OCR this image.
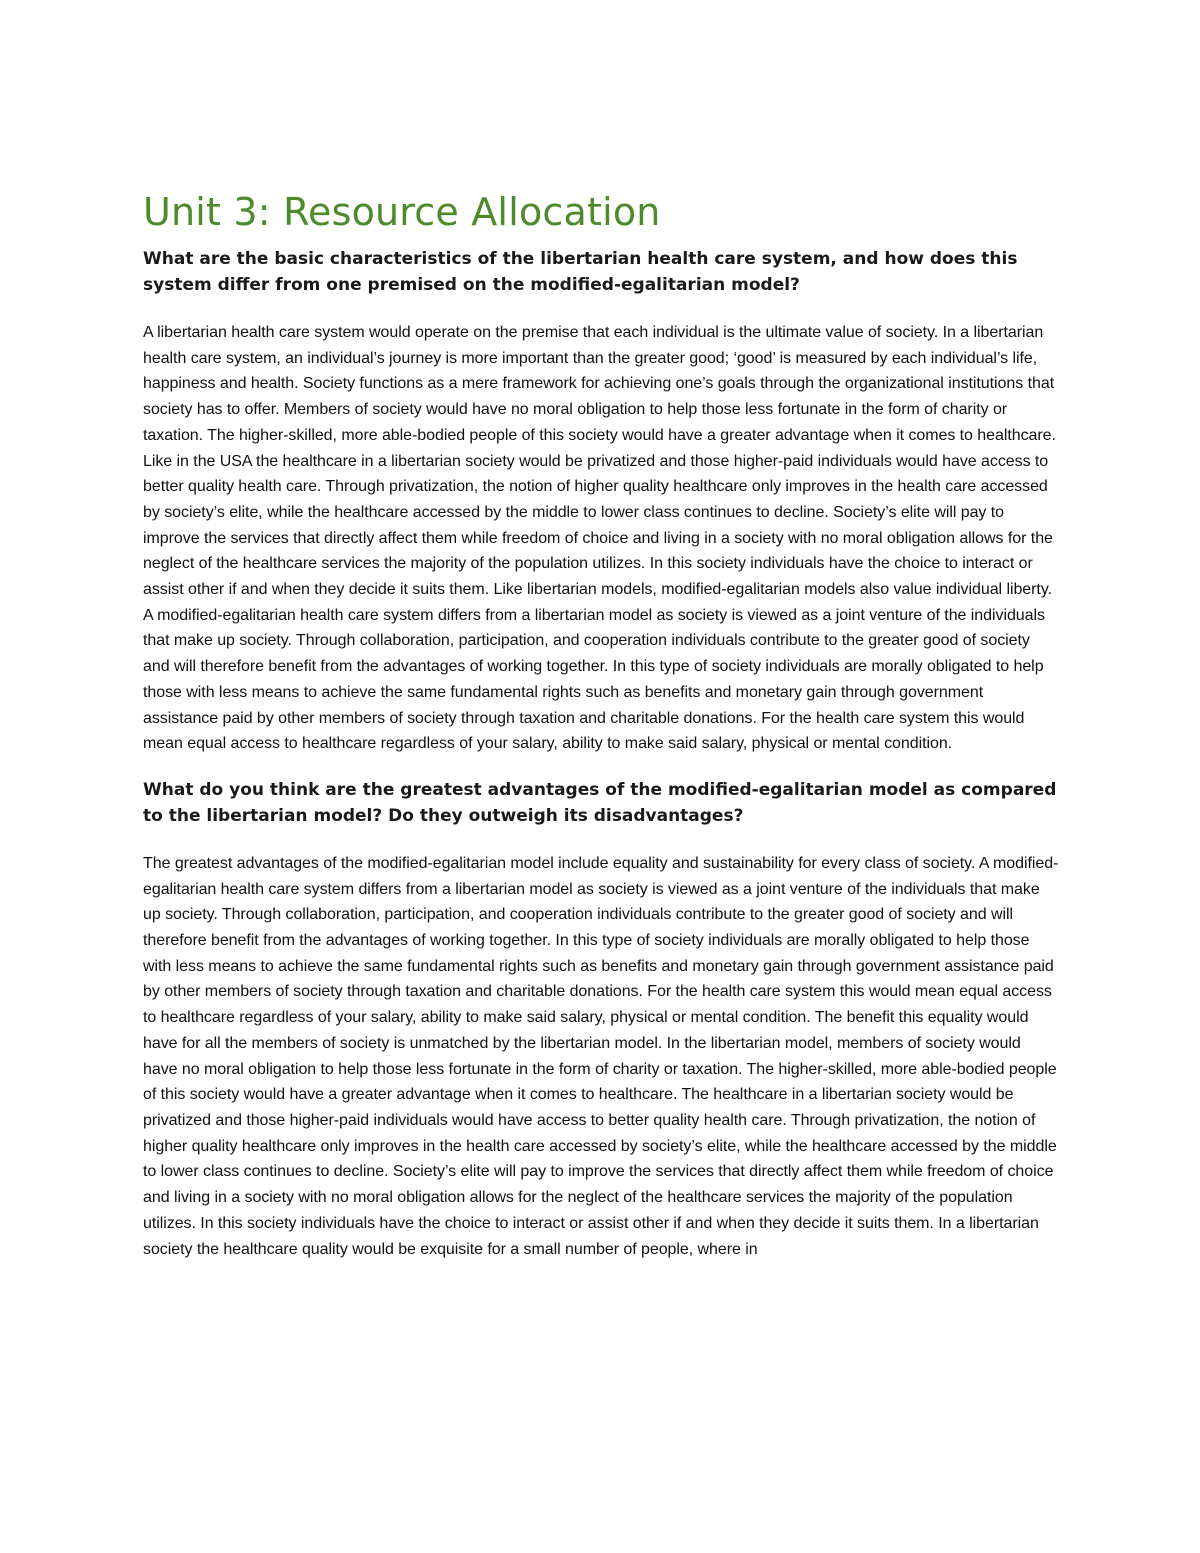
Unit 3: Resource Allocation

What are the basic characteristics of the libertarian health care system, and how does this system differ from one premised on the modified-egalitarian model?

A libertarian health care system would operate on the premise that each individual is the ultimate value of society. In a libertarian health care system, an individual’s journey is more important than the greater good; ‘good’ is measured by each individual’s life, happiness and health. Society functions as a mere framework for achieving one’s goals through the organizational institutions that society has to offer. Members of society would have no moral obligation to help those less fortunate in the form of charity or taxation. The higher-skilled, more able-bodied people of this society would have a greater advantage when it comes to healthcare. Like in the USA the healthcare in a libertarian society would be privatized and those higher-paid individuals would have access to better quality health care. Through privatization, the notion of higher quality healthcare only improves in the health care accessed by society’s elite, while the healthcare accessed by the middle to lower class continues to decline. Society’s elite will pay to improve the services that directly affect them while freedom of choice and living in a society with no moral obligation allows for the neglect of the healthcare services the majority of the population utilizes. In this society individuals have the choice to interact or assist other if and when they decide it suits them. Like libertarian models, modified-egalitarian models also value individual liberty. A modified-egalitarian health care system differs from a libertarian model as society is viewed as a joint venture of the individuals that make up society. Through collaboration, participation, and cooperation individuals contribute to the greater good of society and will therefore benefit from the advantages of working together. In this type of society individuals are morally obligated to help those with less means to achieve the same fundamental rights such as benefits and monetary gain through government assistance paid by other members of society through taxation and charitable donations. For the health care system this would mean equal access to healthcare regardless of your salary, ability to make said salary, physical or mental condition.

What do you think are the greatest advantages of the modified-egalitarian model as compared to the libertarian model? Do they outweigh its disadvantages?

The greatest advantages of the modified-egalitarian model include equality and sustainability for every class of society. A modified-egalitarian health care system differs from a libertarian model as society is viewed as a joint venture of the individuals that make up society. Through collaboration, participation, and cooperation individuals contribute to the greater good of society and will therefore benefit from the advantages of working together. In this type of society individuals are morally obligated to help those with less means to achieve the same fundamental rights such as benefits and monetary gain through government assistance paid by other members of society through taxation and charitable donations. For the health care system this would mean equal access to healthcare regardless of your salary, ability to make said salary, physical or mental condition. The benefit this equality would have for all the members of society is unmatched by the libertarian model. In the libertarian model, members of society would have no moral obligation to help those less fortunate in the form of charity or taxation. The higher-skilled, more able-bodied people of this society would have a greater advantage when it comes to healthcare. The healthcare in a libertarian society would be privatized and those higher-paid individuals would have access to better quality health care. Through privatization, the notion of higher quality healthcare only improves in the health care accessed by society’s elite, while the healthcare accessed by the middle to lower class continues to decline. Society’s elite will pay to improve the services that directly affect them while freedom of choice and living in a society with no moral obligation allows for the neglect of the healthcare services the majority of the population utilizes. In this society individuals have the choice to interact or assist other if and when they decide it suits them. In a libertarian society the healthcare quality would be exquisite for a small number of people, where in
